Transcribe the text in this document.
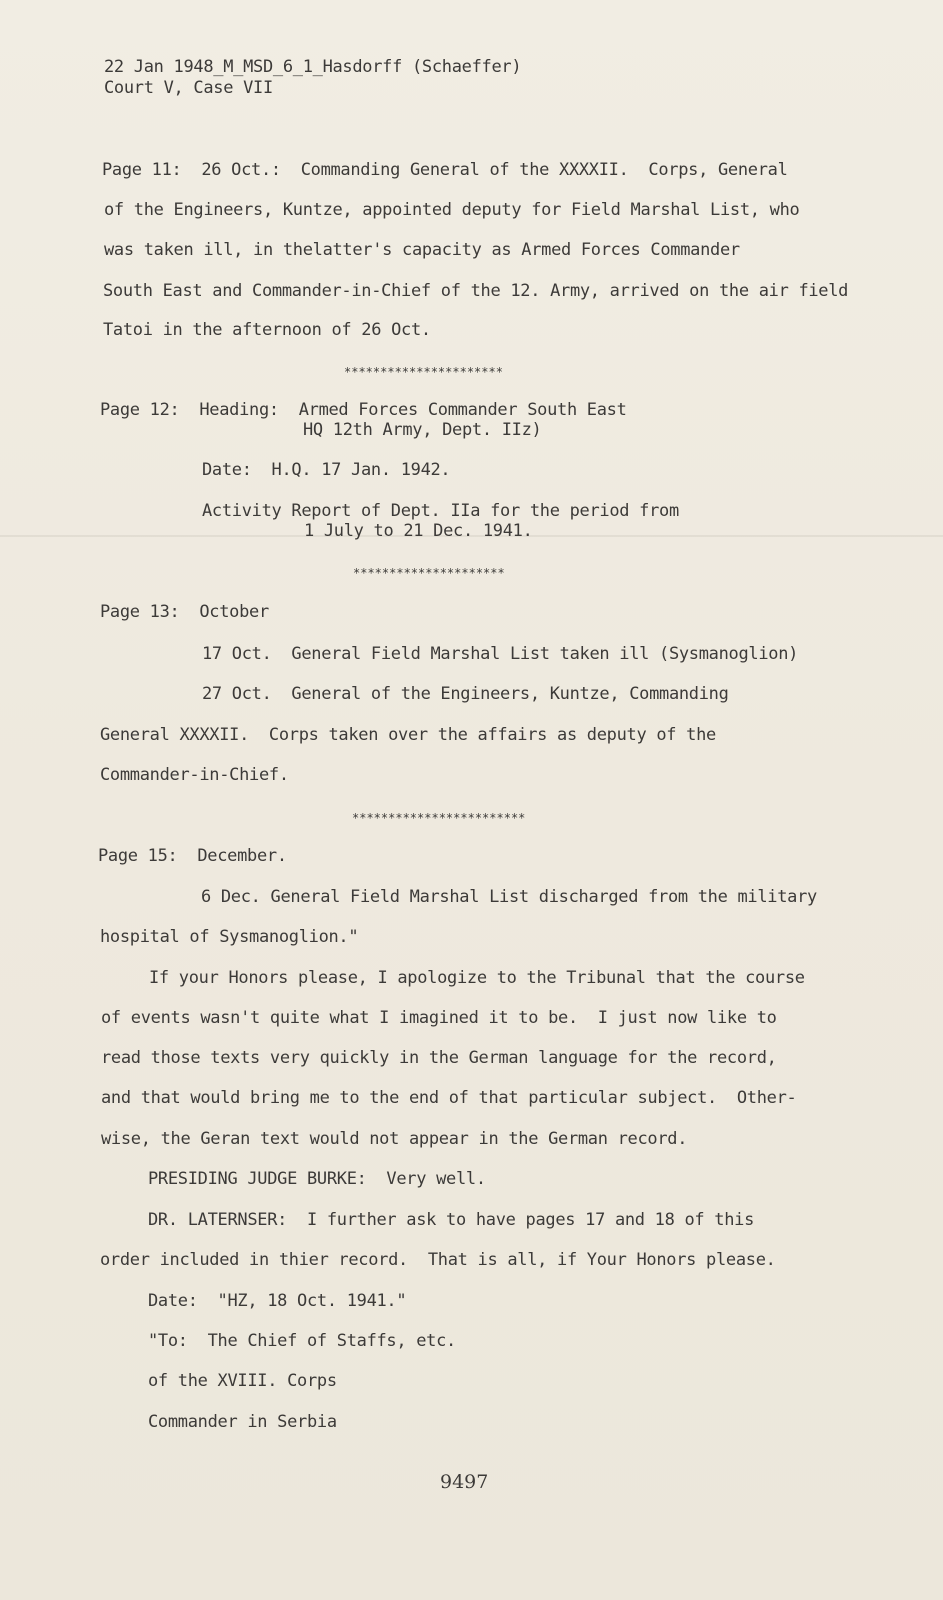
22 Jan 1948_M_MSD_6_1_Hasdorff (Schaeffer)
Court V, Case VII
Page 11:  26 Oct.:  Commanding General of the XXXXII.  Corps, General
of the Engineers, Kuntze, appointed deputy for Field Marshal List, who
was taken ill, in thelatter's capacity as Armed Forces Commander
South East and Commander-in-Chief of the 12. Army, arrived on the air field
Tatoi in the afternoon of 26 Oct.
**********************
Page 12:  Heading:  Armed Forces Commander South East
HQ 12th Army, Dept. IIz)
Date:  H.Q. 17 Jan. 1942.
Activity Report of Dept. IIa for the period from
1 July to 21 Dec. 1941.
*********************
Page 13:  October
17 Oct.  General Field Marshal List taken ill (Sysmanoglion)
27 Oct.  General of the Engineers, Kuntze, Commanding
General XXXXII.  Corps taken over the affairs as deputy of the
Commander-in-Chief.
************************
Page 15:  December.
6 Dec. General Field Marshal List discharged from the military
hospital of Sysmanoglion."
If your Honors please, I apologize to the Tribunal that the course
of events wasn't quite what I imagined it to be.  I just now like to
read those texts very quickly in the German language for the record,
and that would bring me to the end of that particular subject.  Other-
wise, the Geran text would not appear in the German record.
PRESIDING JUDGE BURKE:  Very well.
DR. LATERNSER:  I further ask to have pages 17 and 18 of this
order included in thier record.  That is all, if Your Honors please.
Date:  "HZ, 18 Oct. 1941."
"To:  The Chief of Staffs, etc.
of the XVIII. Corps
Commander in Serbia
9497
